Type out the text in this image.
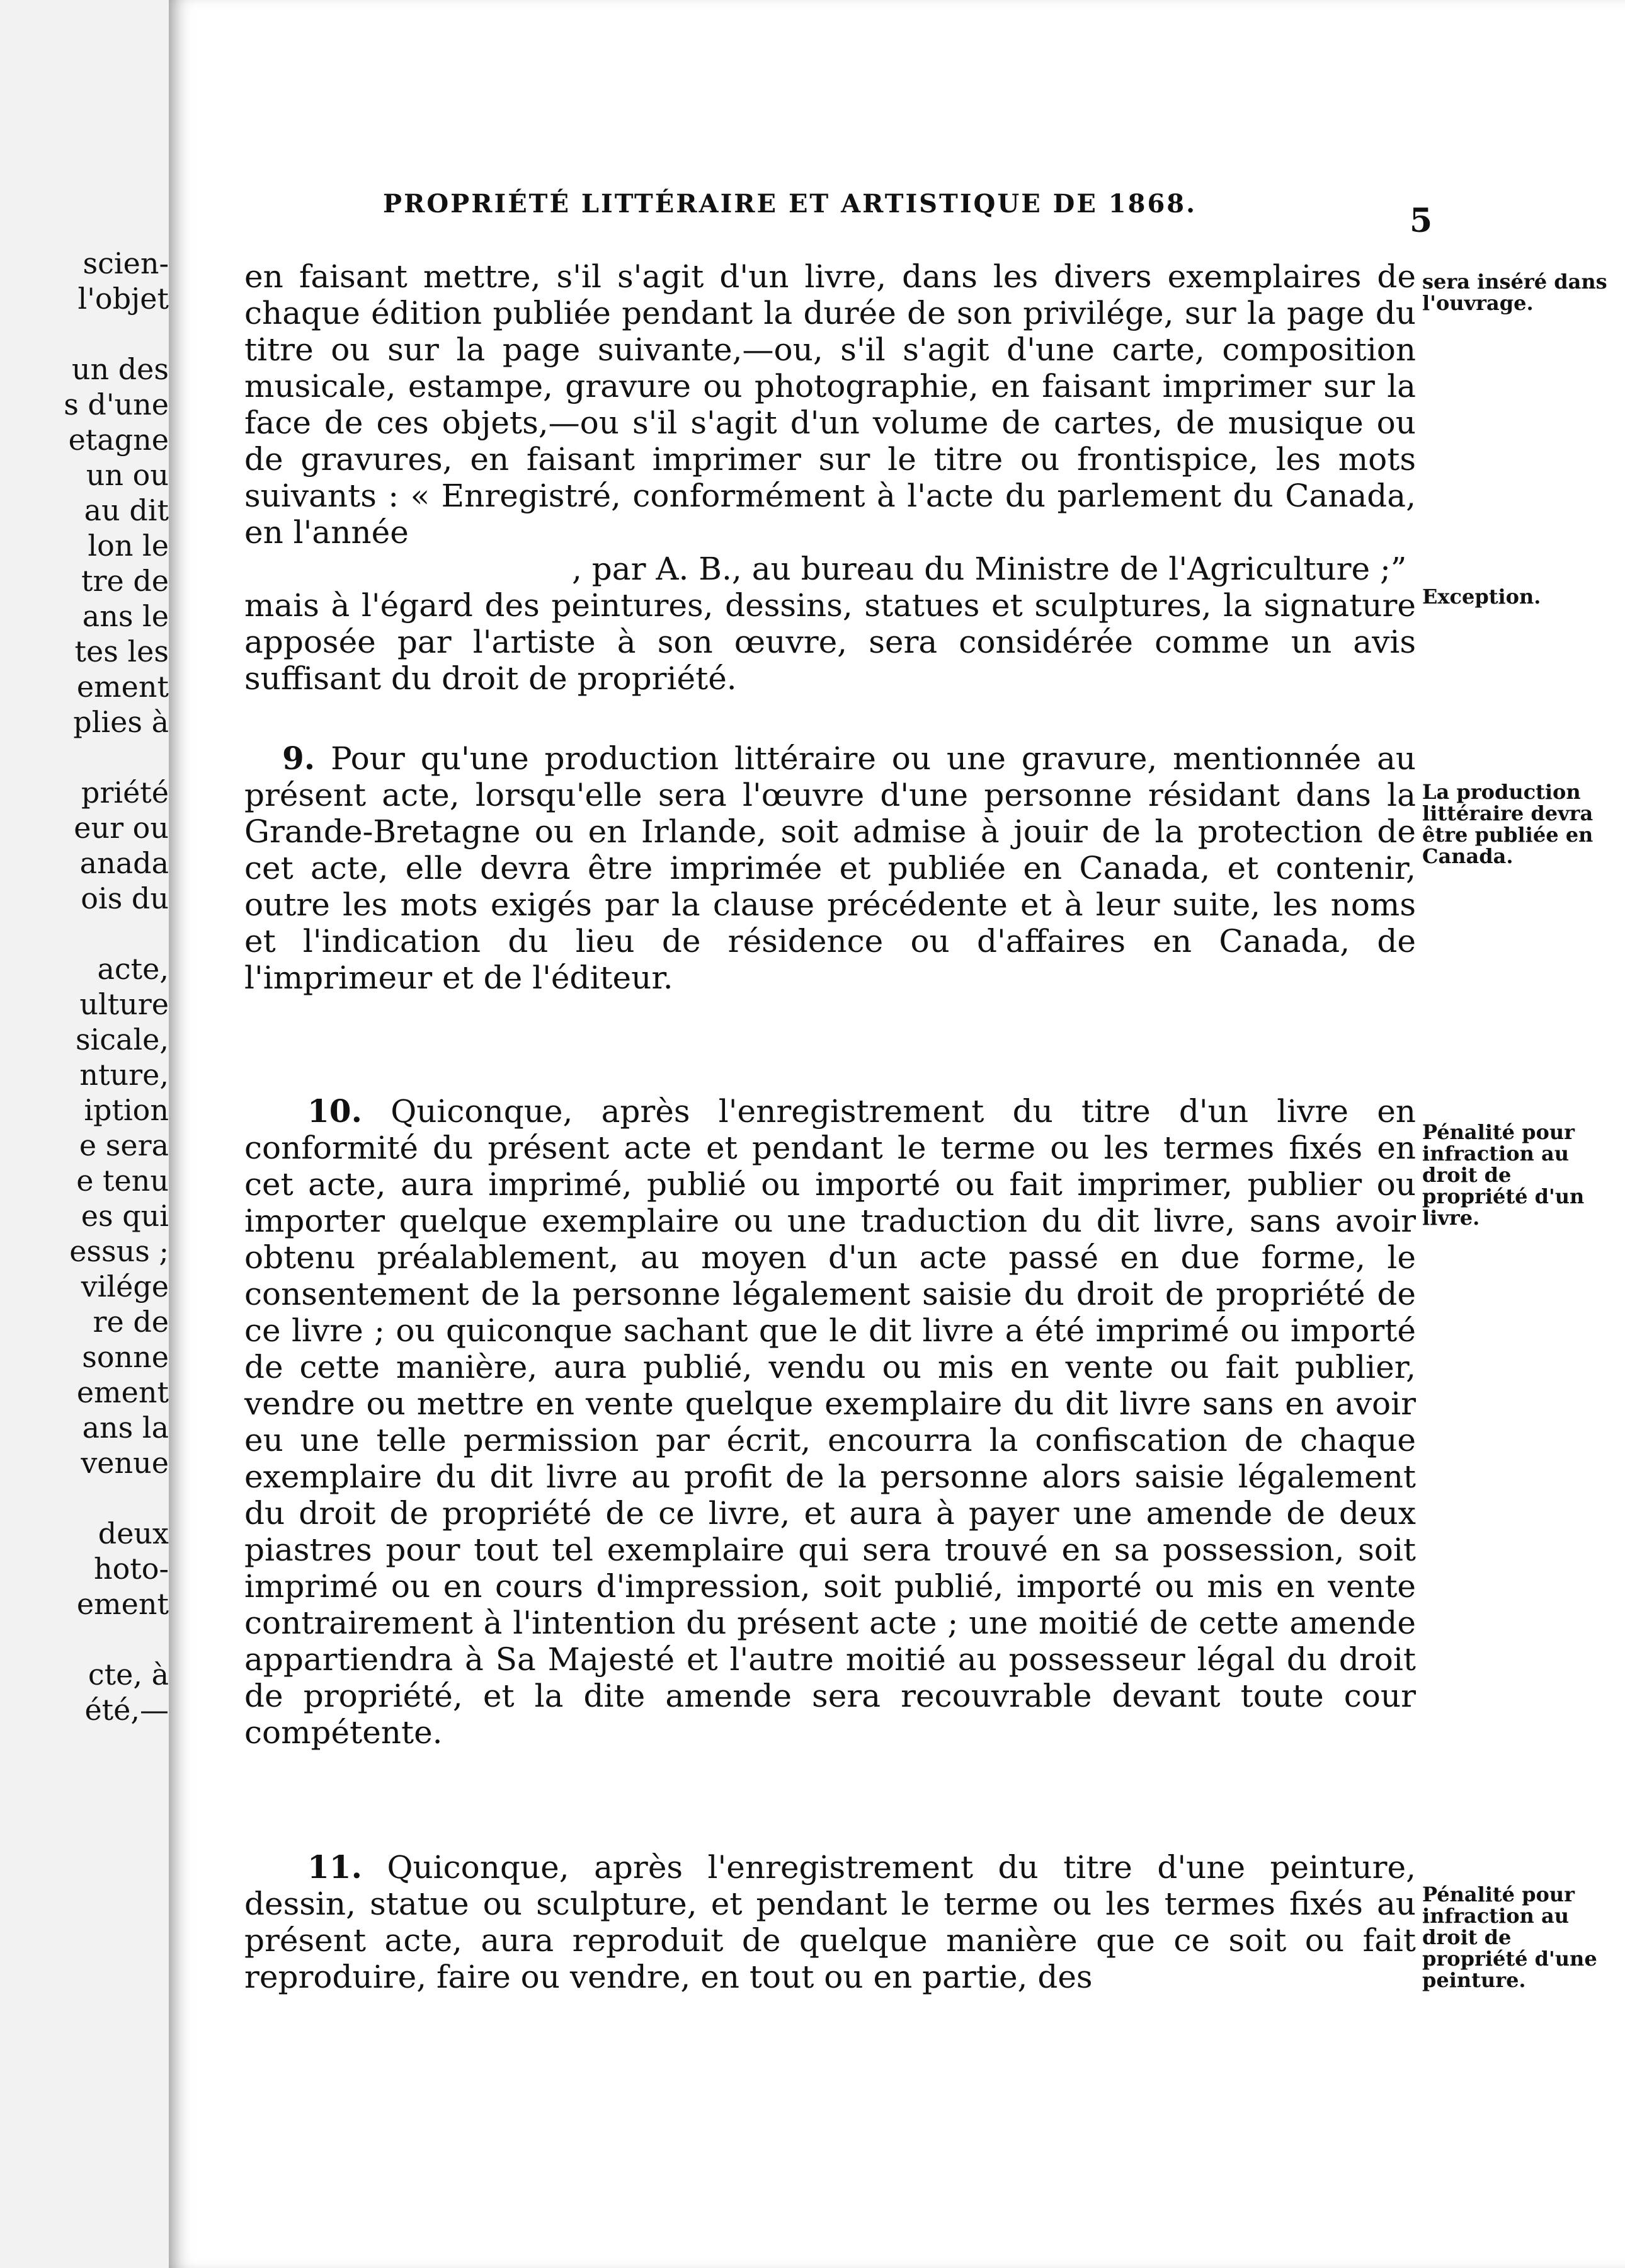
scien-
l'objet
un des
s d'une
etagne
un ou
au dit
lon le
tre de
ans le
tes les
ement
plies à
priété
eur ou
anada
ois du
acte,
ulture
sicale,
nture,
iption
e sera
e tenu
es qui
essus ;
vilége
re de
sonne
ement
ans la
venue
deux
hoto-
ement
cte, à
été,—
PROPRIÉTÉ LITTÉRAIRE ET ARTISTIQUE DE 1868.	5

en faisant mettre, s'il s'agit d'un livre, dans les divers exemplaires de chaque édition publiée pendant la durée de son privilége, sur la page du titre ou sur la page suivante,—ou, s'il s'agit d'une carte, composition musicale, estampe, gravure ou photographie, en faisant imprimer sur la face de ces objets,—ou s'il s'agit d'un volume de cartes, de musique ou de gravures, en faisant imprimer sur le titre ou frontispice, les mots suivants : « Enregistré, conformément à l'acte du parlement du Canada, en l'année

, par A. B., au bureau du Ministre de l'Agriculture ;”

mais à l'égard des peintures, dessins, statues et sculptures, la signature apposée par l'artiste à son œuvre, sera considérée comme un avis suffisant du droit de propriété.

9. Pour qu'une production littéraire ou une gravure, mentionnée au présent acte, lorsqu'elle sera l'œuvre d'une personne résidant dans la Grande-Bretagne ou en Irlande, soit admise à jouir de la protection de cet acte, elle devra être imprimée et publiée en Canada, et contenir, outre les mots exigés par la clause précédente et à leur suite, les noms et l'indication du lieu de résidence ou d'affaires en Canada, de l'imprimeur et de l'éditeur.

10. Quiconque, après l'enregistrement du titre d'un livre en conformité du présent acte et pendant le terme ou les termes fixés en cet acte, aura imprimé, publié ou importé ou fait imprimer, publier ou importer quelque exemplaire ou une traduction du dit livre, sans avoir obtenu préalablement, au moyen d'un acte passé en due forme, le consentement de la personne légalement saisie du droit de propriété de ce livre ; ou quiconque sachant que le dit livre a été imprimé ou importé de cette manière, aura publié, vendu ou mis en vente ou fait publier, vendre ou mettre en vente quelque exemplaire du dit livre sans en avoir eu une telle permission par écrit, encourra la confiscation de chaque exemplaire du dit livre au profit de la personne alors saisie légalement du droit de propriété de ce livre, et aura à payer une amende de deux piastres pour tout tel exemplaire qui sera trouvé en sa possession, soit imprimé ou en cours d'impression, soit publié, importé ou mis en vente contrairement à l'intention du présent acte ; une moitié de cette amende appartiendra à Sa Majesté et l'autre moitié au possesseur légal du droit de propriété, et la dite amende sera recouvrable devant toute cour compétente.

11. Quiconque, après l'enregistrement du titre d'une peinture, dessin, statue ou sculpture, et pendant le terme ou les termes fixés au présent acte, aura reproduit de quelque manière que ce soit ou fait reproduire, faire ou vendre, en tout ou en partie, des

sera inséré dans l'ouvrage.
Exception.
La production littéraire devra être publiée en Canada.
Pénalité pour infraction au droit de propriété d'un livre.
Pénalité pour infraction au droit de propriété d'une peinture.
